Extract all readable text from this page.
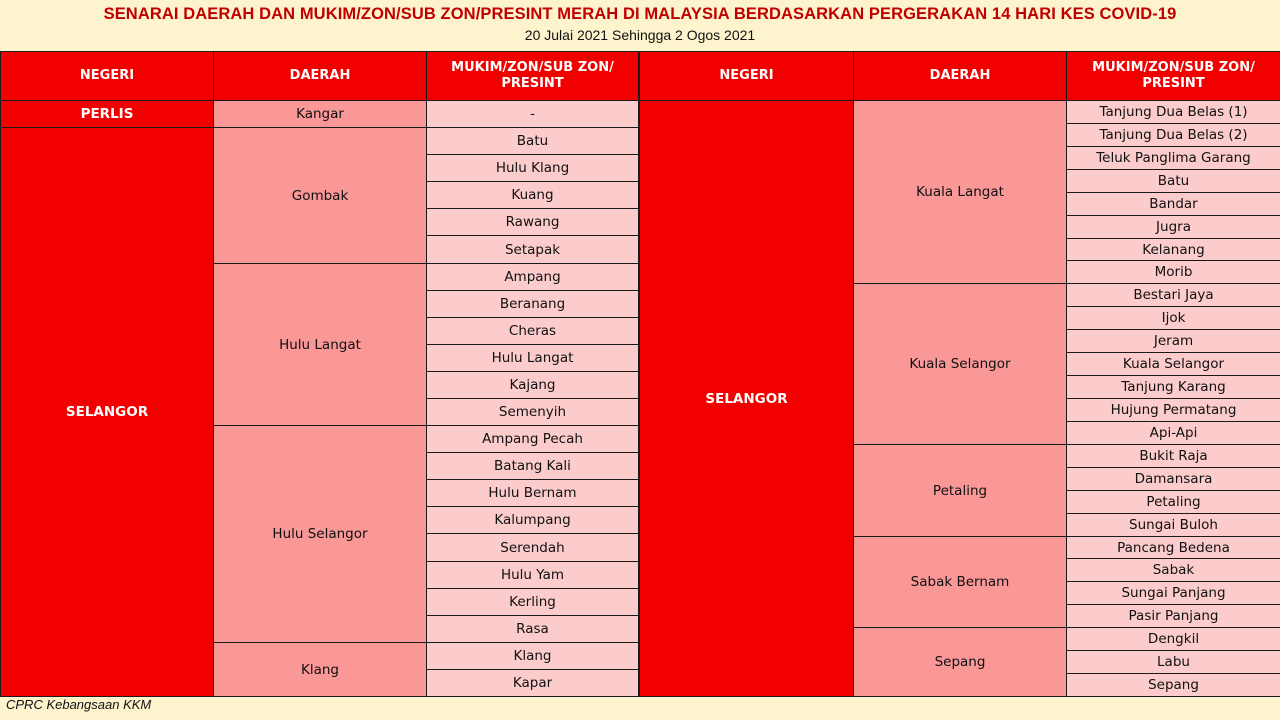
SENARAI DAERAH DAN MUKIM/ZON/SUB ZON/PRESINT MERAH DI MALAYSIA BERDASARKAN PERGERAKAN 14 HARI KES COVID-19
20 Julai 2021 Sehingga 2 Ogos 2021
NEGERI	DAERAH
MUKIM/ZON/SUB ZON/ PRESINT
-
Kangar
PERLIS
Batu
Hulu Klang
Kuang
Rawang
Setapak
Gombak
Ampang
Beranang
Cheras
Hulu Langat
Kajang
Semenyih
Hulu Langat
Ampang Pecah
Batang Kali
Hulu Bernam
Kalumpang
Serendah
Hulu Yam
Kerling
Rasa
Hulu Selangor
Klang
Kapar
Klang
SELANGOR
NEGERI	DAERAH
MUKIM/ZON/SUB ZON/ PRESINT
Tanjung Dua Belas (1)
Tanjung Dua Belas (2)
Teluk Panglima Garang
Batu
Bandar
Jugra
Kelanang
Morib
Kuala Langat
Bestari Jaya
Ijok
Jeram
Kuala Selangor
Tanjung Karang
Hujung Permatang
Api-Api
Kuala Selangor
Bukit Raja
Damansara
Petaling
Sungai Buloh
Petaling
Pancang Bedena
Sabak
Sungai Panjang
Pasir Panjang
Sabak Bernam
Dengkil
Labu
Sepang
Sepang
SELANGOR
CPRC Kebangsaan KKM
